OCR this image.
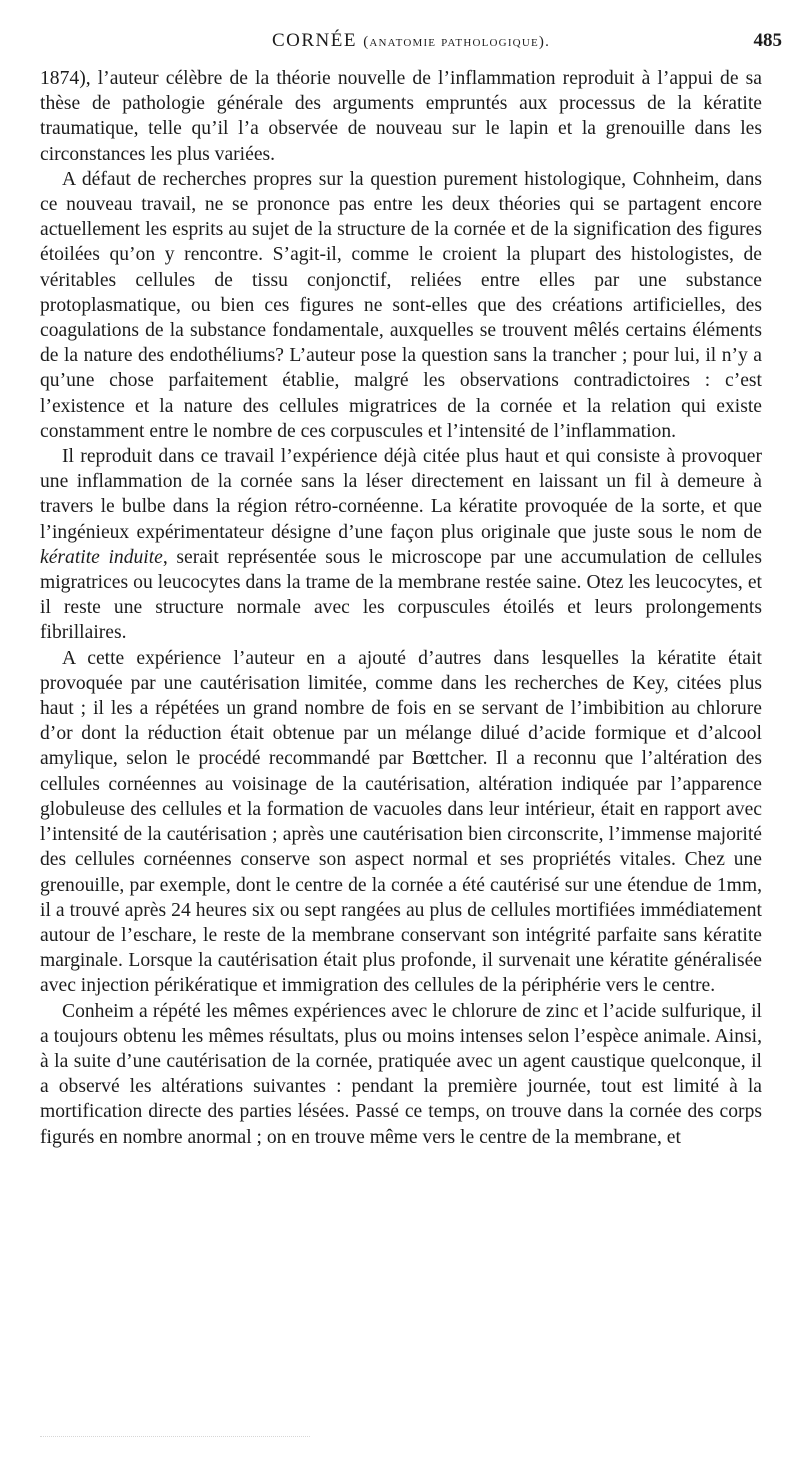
CORNÉE (anatomie pathologique).	485

1874), l’auteur célèbre de la théorie nouvelle de l’inflammation reproduit à l’appui de sa thèse de pathologie générale des arguments empruntés aux processus de la kératite traumatique, telle qu’il l’a observée de nouveau sur le lapin et la grenouille dans les circonstances les plus variées.

A défaut de recherches propres sur la question purement histologique, Cohnheim, dans ce nouveau travail, ne se prononce pas entre les deux théories qui se partagent encore actuellement les esprits au sujet de la structure de la cornée et de la signification des figures étoilées qu’on y rencontre. S’agit-il, comme le croient la plupart des histologistes, de véritables cellules de tissu conjonctif, reliées entre elles par une substance protoplasmatique, ou bien ces figures ne sont-elles que des créations artificielles, des coagulations de la substance fondamentale, auxquelles se trouvent mêlés certains éléments de la nature des endothéliums? L’auteur pose la question sans la trancher ; pour lui, il n’y a qu’une chose parfaitement établie, malgré les observations contradictoires : c’est l’existence et la nature des cellules migratrices de la cornée et la relation qui existe constamment entre le nombre de ces corpuscules et l’intensité de l’inflammation.

Il reproduit dans ce travail l’expérience déjà citée plus haut et qui consiste à provoquer une inflammation de la cornée sans la léser directement en laissant un fil à demeure à travers le bulbe dans la région rétro-cornéenne. La kératite provoquée de la sorte, et que l’ingénieux expérimentateur désigne d’une façon plus originale que juste sous le nom de kératite induite, serait représentée sous le microscope par une accumulation de cellules migratrices ou leucocytes dans la trame de la membrane restée saine. Otez les leucocytes, et il reste une structure normale avec les corpuscules étoilés et leurs prolongements fibrillaires.

A cette expérience l’auteur en a ajouté d’autres dans lesquelles la kératite était provoquée par une cautérisation limitée, comme dans les recherches de Key, citées plus haut ; il les a répétées un grand nombre de fois en se servant de l’imbibition au chlorure d’or dont la réduction était obtenue par un mélange dilué d’acide formique et d’alcool amylique, selon le procédé recommandé par Bœttcher. Il a reconnu que l’altération des cellules cornéennes au voisinage de la cautérisation, altération indiquée par l’apparence globuleuse des cellules et la formation de vacuoles dans leur intérieur, était en rapport avec l’intensité de la cautérisation ; après une cautérisation bien circonscrite, l’immense majorité des cellules cornéennes conserve son aspect normal et ses propriétés vitales. Chez une grenouille, par exemple, dont le centre de la cornée a été cautérisé sur une étendue de 1mm, il a trouvé après 24 heures six ou sept rangées au plus de cellules mortifiées immédiatement autour de l’eschare, le reste de la membrane conservant son intégrité parfaite sans kératite marginale. Lorsque la cautérisation était plus profonde, il survenait une kératite généralisée avec injection périkératique et immigration des cellules de la périphérie vers le centre.

Conheim a répété les mêmes expériences avec le chlorure de zinc et l’acide sulfurique, il a toujours obtenu les mêmes résultats, plus ou moins intenses selon l’espèce animale. Ainsi, à la suite d’une cautérisation de la cornée, pratiquée avec un agent caustique quelconque, il a observé les altérations suivantes : pendant la première journée, tout est limité à la mortification directe des parties lésées. Passé ce temps, on trouve dans la cornée des corps figurés en nombre anormal ; on en trouve même vers le centre de la membrane, et
